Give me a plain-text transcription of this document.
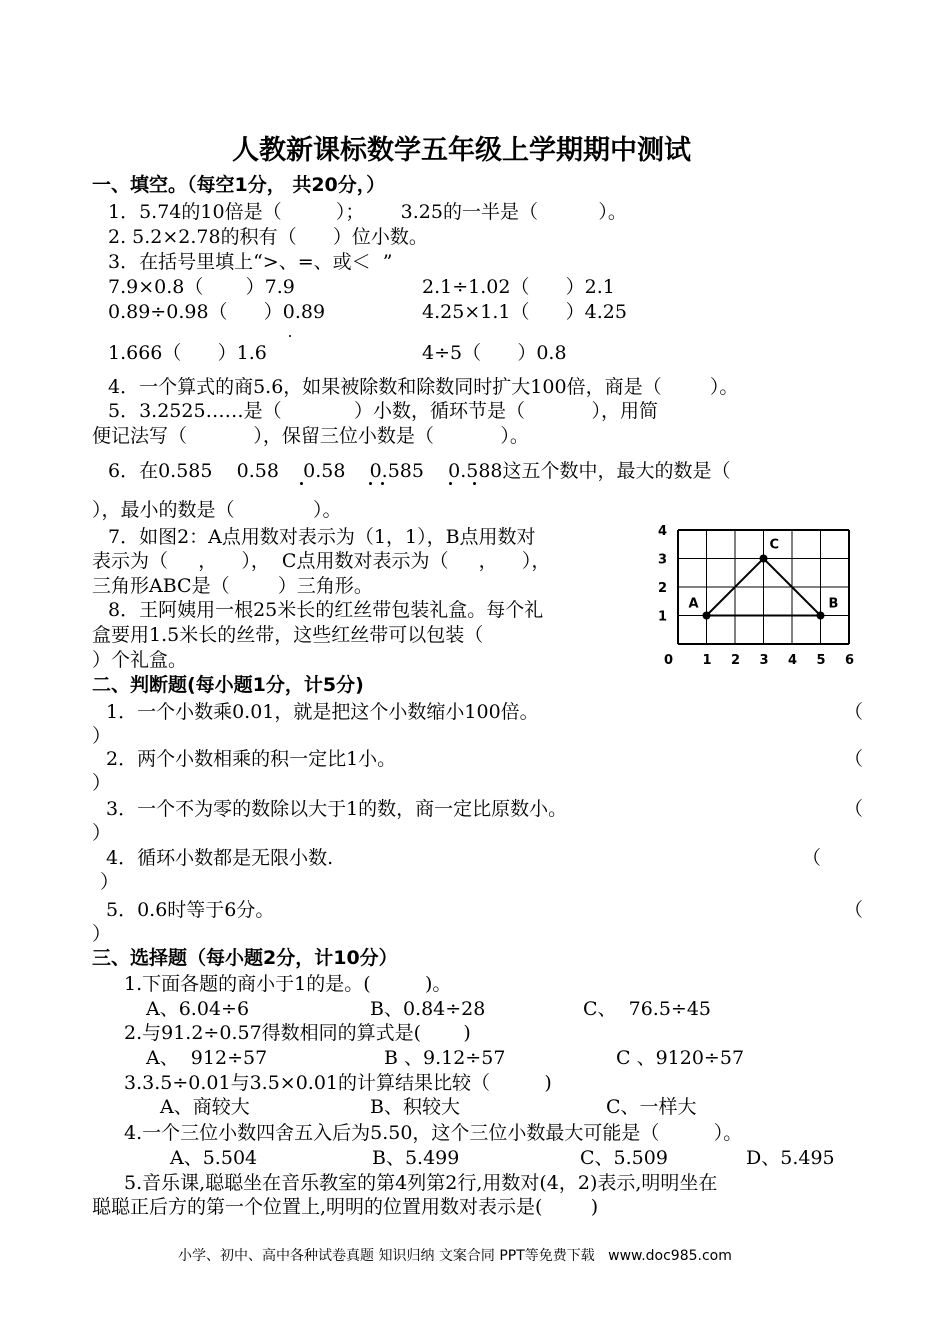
人教新课标数学五年级上学期期中测试
一、填空。（每空1分， 共20分，）
1．5.74的10倍是（         ）；      3.25的一半是（          ）。
2. 5.2×2.78的积有（      ）位小数。
3．在括号里填上“>、=、或＜  ”
7.9×0.8（       ）7.9	2.1÷1.02（      ）2.1
0.89÷0.98（      ）0.89	4.25×1.1（      ）4.25
1.666（      ）1.6	4÷5（      ）0.8
4．一个算式的商5.6，如果被除数和除数同时扩大100倍，商是（        ）。
5．3.2525……是（            ）小数，循环节是（           ），用简
便记法写（           ），保留三位小数是（           ）。
6．在0.585    0.58    0.58    0.585    0.588这五个数中，最大的数是（
），最小的数是（             ）。
7．如图2：A点用数对表示为（1，1），B点用数对
表示为（     ，    ），  C点用数对表示为（     ，    ），
三角形ABC是（        ）三角形。
8．王阿姨用一根25米长的红丝带包装礼盒。每个礼
盒要用1.5米长的丝带，这些红丝带可以包装（
）个礼盒。	0 1 2 3 4 5 6
4
3
2
1
A
C
B
二、判断题(每小题1分，计5分)
1．一个小数乘0.01，就是把这个小数缩小100倍。	（
）
2．两个小数相乘的积一定比1小。	（
）
3．一个不为零的数除以大于1的数，商一定比原数小。	（
）
4．循环小数都是无限小数.	（
）
5．0.6时等于6分。	（
）
三、选择题（每小题2分，计10分）
1.下面各题的商小于1的是。(         )。
A、6.04÷6	B、0.84÷28	C、  76.5÷45
2.与91.2÷0.57得数相同的算式是(       )
A、  912÷57	B 、9.12÷57	C 、9120÷57
3.3.5÷0.01与3.5×0.01的计算结果比较（         )
A、商较大	B、积较大	C、一样大
4.一个三位小数四舍五入后为5.50，这个三位小数最大可能是（         ）。
A、5.504	B、5.499	C、5.509	D、5.495
5.音乐课,聪聪坐在音乐教室的第4列第2行,用数对(4，2)表示,明明坐在
聪聪正后方的第一个位置上,明明的位置用数对表示是(        )
小学、初中、高中各种试卷真题 知识归纳 文案合同 PPT等免费下载   www.doc985.com
